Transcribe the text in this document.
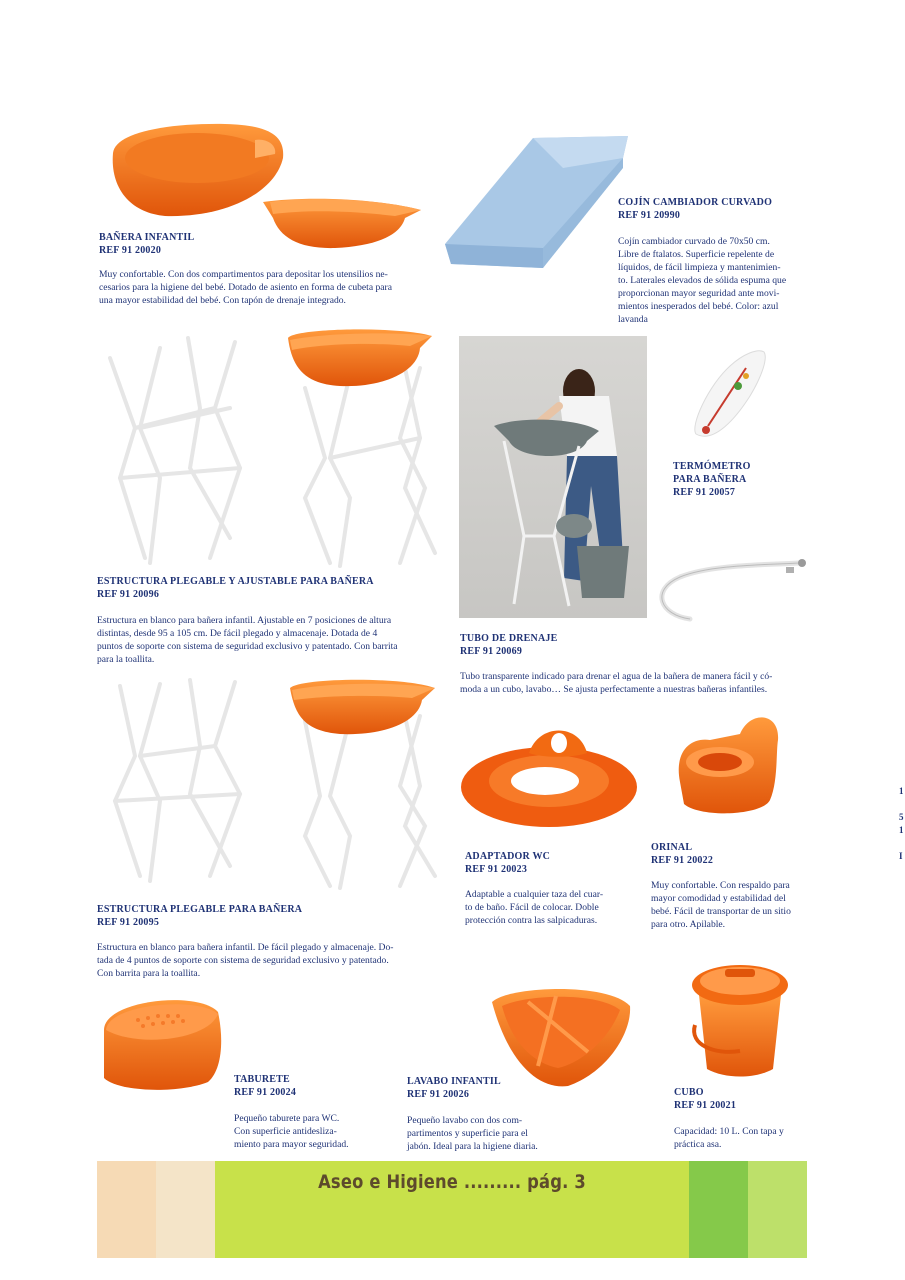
BAÑERA INFANTIL
REF 91 20020
Muy confortable. Con dos compartimentos para depositar los utensilios ne-
cesarios para la higiene del bebé. Dotado de asiento en forma de cubeta para
una mayor estabilidad del bebé. Con tapón de drenaje integrado.
COJÍN CAMBIADOR CURVADO
REF 91 20990
Cojín cambiador curvado de 70x50 cm.
Libre de ftalatos. Superficie repelente de
líquidos, de fácil limpieza y mantenimien-
to. Laterales elevados de sólida espuma que
proporcionan mayor seguridad ante movi-
mientos inesperados del bebé. Color: azul
lavanda
TERMÓMETRO
PARA BAÑERA
REF 91 20057
ESTRUCTURA PLEGABLE Y AJUSTABLE PARA BAÑERA
REF 91 20096
Estructura en blanco para bañera infantil. Ajustable en 7 posiciones de altura
distintas, desde 95 a 105 cm. De fácil plegado y almacenaje. Dotada de 4
puntos de soporte con sistema de seguridad exclusivo y patentado. Con barrita
para la toallita.
TUBO DE DRENAJE
REF 91 20069
Tubo transparente indicado para drenar el agua de la bañera de manera fácil y có-
moda a un cubo, lavabo… Se ajusta perfectamente a nuestras bañeras infantiles.
ESTRUCTURA PLEGABLE PARA BAÑERA
REF 91 20095
Estructura en blanco para bañera infantil. De fácil plegado y almacenaje. Do-
tada de 4 puntos de soporte con sistema de seguridad exclusivo y patentado.
Con barrita para la toallita.
ADAPTADOR WC
REF 91 20023
Adaptable a cualquier taza del cuar-
to de baño. Fácil de colocar. Doble
protección contra las salpicaduras.
ORINAL
REF 91 20022
Muy confortable. Con respaldo para
mayor comodidad y estabilidad del
bebé. Fácil de transportar de un sitio
para otro. Apilable.
TABURETE
REF 91 20024
Pequeño taburete para WC.
Con superficie antidesliza-
miento para mayor seguridad.
LAVABO INFANTIL
REF 91 20026
Pequeño lavabo con dos com-
partimentos y superficie para el
jabón. Ideal para la higiene diaria.
CUBO
REF 91 20021
Capacidad: 10 L. Con tapa y
práctica asa.
1
5
1
I
Aseo e Higiene ......... pág. 3
